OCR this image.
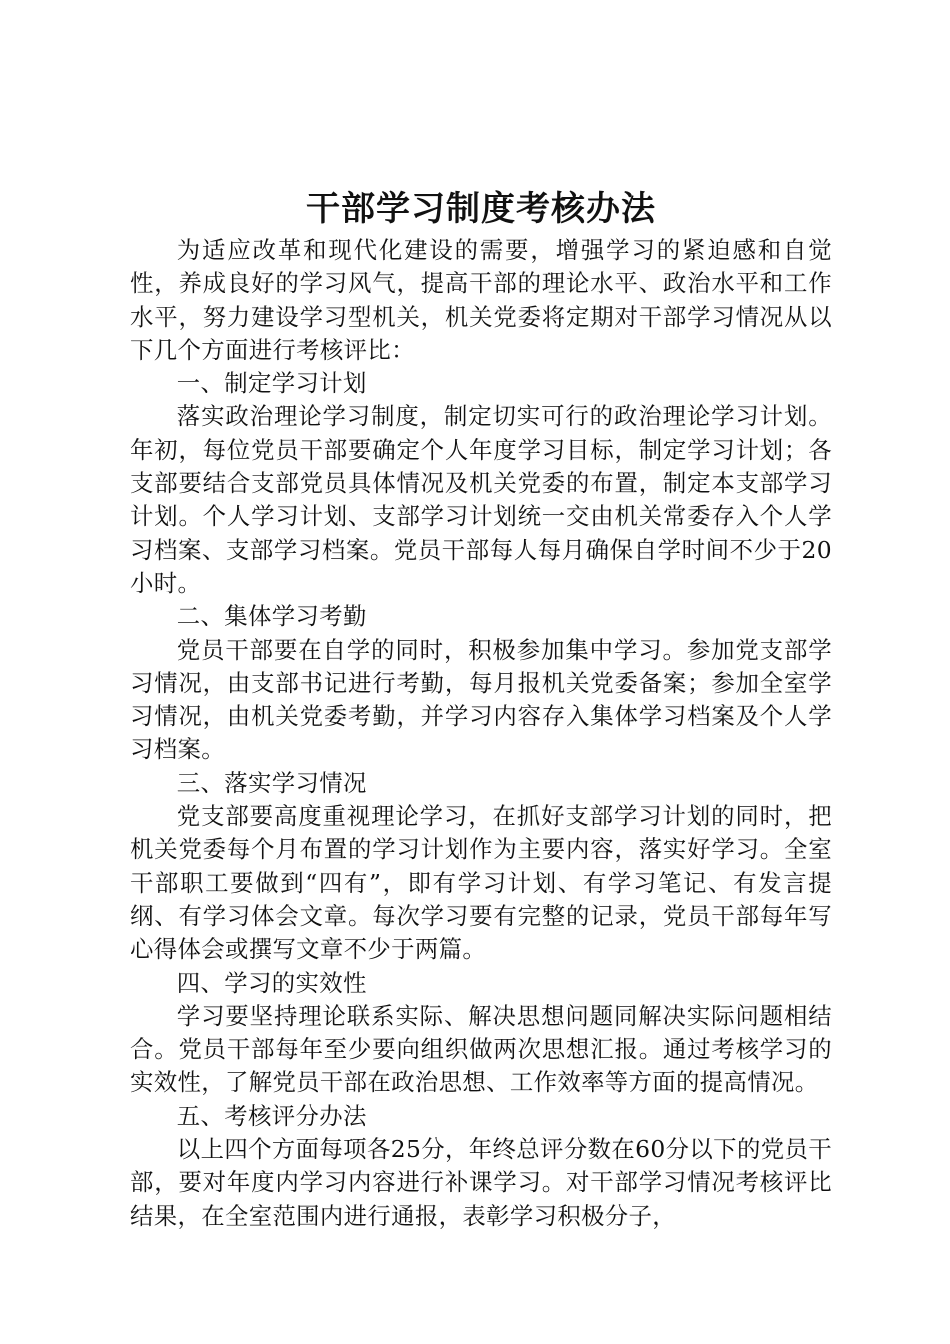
干部学习制度考核办法

为适应改革和现代化建设的需要，增强学习的紧迫感和自觉性，养成良好的学习风气，提高干部的理论水平、政治水平和工作水平，努力建设学习型机关，机关党委将定期对干部学习情况从以下几个方面进行考核评比：

一、制定学习计划

落实政治理论学习制度，制定切实可行的政治理论学习计划。年初，每位党员干部要确定个人年度学习目标，制定学习计划；各支部要结合支部党员具体情况及机关党委的布置，制定本支部学习计划。个人学习计划、支部学习计划统一交由机关常委存入个人学习档案、支部学习档案。党员干部每人每月确保自学时间不少于20小时。

二、集体学习考勤

党员干部要在自学的同时，积极参加集中学习。参加党支部学习情况，由支部书记进行考勤，每月报机关党委备案；参加全室学习情况，由机关党委考勤，并学习内容存入集体学习档案及个人学习档案。

三、落实学习情况

党支部要高度重视理论学习，在抓好支部学习计划的同时，把机关党委每个月布置的学习计划作为主要内容，落实好学习。全室干部职工要做到“四有”，即有学习计划、有学习笔记、有发言提纲、有学习体会文章。每次学习要有完整的记录，党员干部每年写心得体会或撰写文章不少于两篇。

四、学习的实效性

学习要坚持理论联系实际、解决思想问题同解决实际问题相结合。党员干部每年至少要向组织做两次思想汇报。通过考核学习的实效性，了解党员干部在政治思想、工作效率等方面的提高情况。

五、考核评分办法

以上四个方面每项各25分，年终总评分数在60分以下的党员干部，要对年度内学习内容进行补课学习。对干部学习情况考核评比结果，在全室范围内进行通报，表彰学习积极分子，
